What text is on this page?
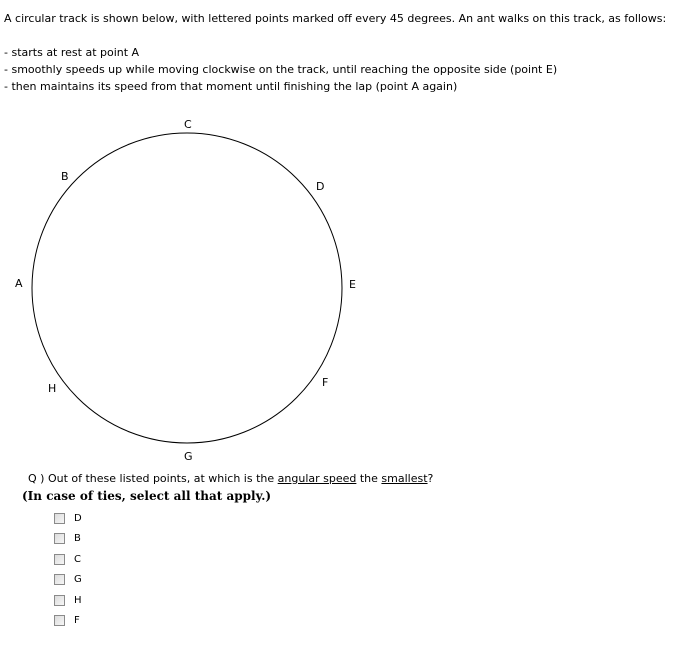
A circular track is shown below, with lettered points marked off every 45 degrees. An ant walks on this track, as follows:
- starts at rest at point A
- smoothly speeds up while moving clockwise on the track, until reaching the opposite side (point E)
- then maintains its speed from that moment until finishing the lap (point A again)
C
B
D
A	E
H	F
G
Q ) Out of these listed points, at which is the angular speed the smallest?
(In case of ties, select all that apply.)
D
B
C
G
H
F
